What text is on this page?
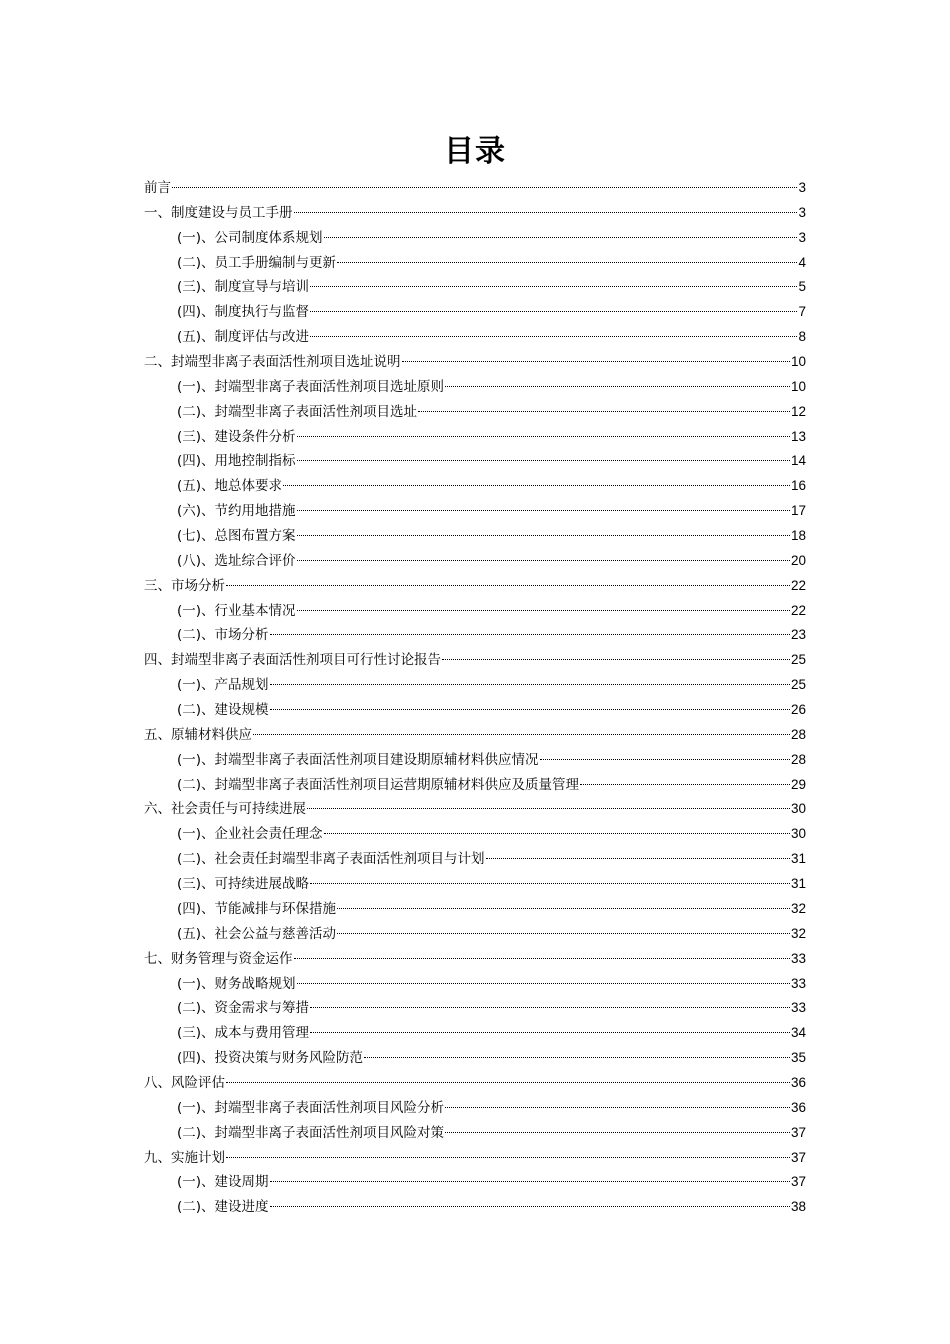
目录
前言	3
一、制度建设与员工手册	3
(一)、公司制度体系规划	3
(二)、员工手册编制与更新	4
(三)、制度宣导与培训	5
(四)、制度执行与监督	7
(五)、制度评估与改进	8
二、封端型非离子表面活性剂项目选址说明	10
(一)、封端型非离子表面活性剂项目选址原则	10
(二)、封端型非离子表面活性剂项目选址	12
(三)、建设条件分析	13
(四)、用地控制指标	14
(五)、地总体要求	16
(六)、节约用地措施	17
(七)、总图布置方案	18
(八)、选址综合评价	20
三、市场分析	22
(一)、行业基本情况	22
(二)、市场分析	23
四、封端型非离子表面活性剂项目可行性讨论报告	25
(一)、产品规划	25
(二)、建设规模	26
五、原辅材料供应	28
(一)、封端型非离子表面活性剂项目建设期原辅材料供应情况	28
(二)、封端型非离子表面活性剂项目运营期原辅材料供应及质量管理	29
六、社会责任与可持续进展	30
(一)、企业社会责任理念	30
(二)、社会责任封端型非离子表面活性剂项目与计划	31
(三)、可持续进展战略	31
(四)、节能减排与环保措施	32
(五)、社会公益与慈善活动	32
七、财务管理与资金运作	33
(一)、财务战略规划	33
(二)、资金需求与筹措	33
(三)、成本与费用管理	34
(四)、投资决策与财务风险防范	35
八、风险评估	36
(一)、封端型非离子表面活性剂项目风险分析	36
(二)、封端型非离子表面活性剂项目风险对策	37
九、实施计划	37
(一)、建设周期	37
(二)、建设进度	38
